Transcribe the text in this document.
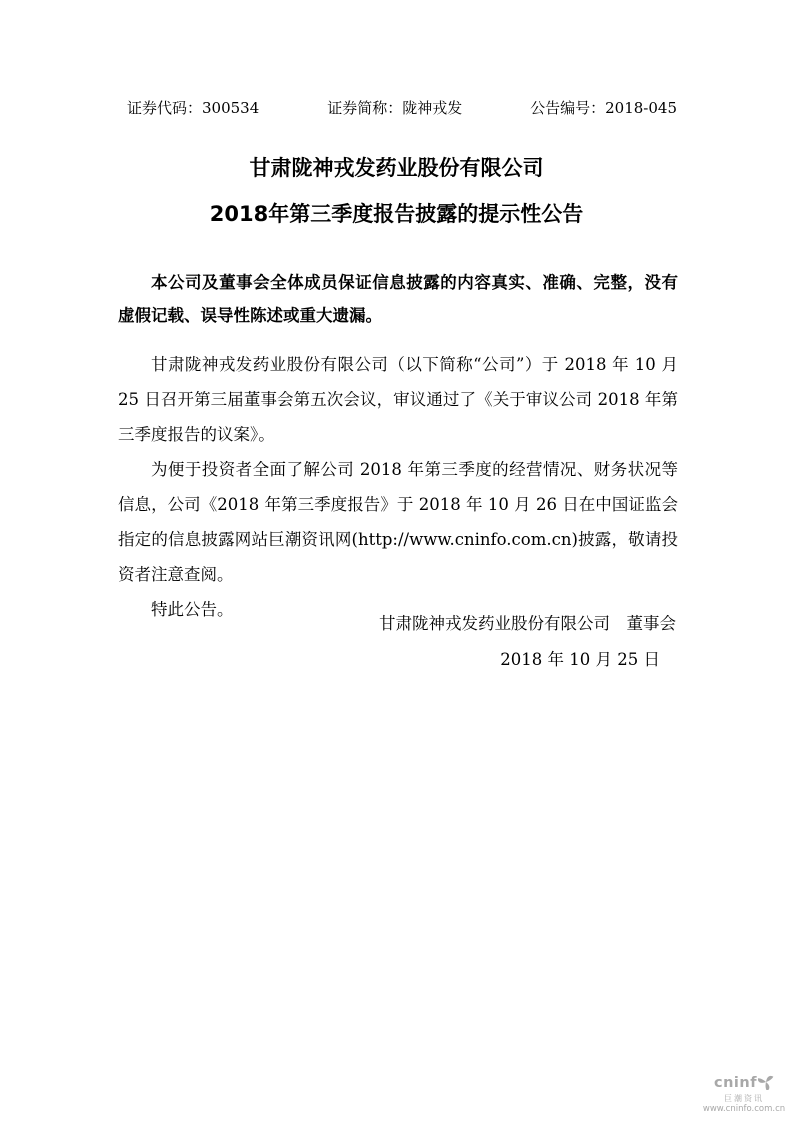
证券代码：300534	证券简称：陇神戎发	公告编号：2018-045
甘肃陇神戎发药业股份有限公司
2018年第三季度报告披露的提示性公告

本公司及董事会全体成员保证信息披露的内容真实、准确、完整，没有虚假记载、误导性陈述或重大遗漏。

甘肃陇神戎发药业股份有限公司（以下简称“公司”）于 2018 年 10 月 25 日召开第三届董事会第五次会议，审议通过了《关于审议公司 2018 年第三季度报告的议案》。

为便于投资者全面了解公司 2018 年第三季度的经营情况、财务状况等信息，公司《2018 年第三季度报告》于 2018 年 10 月 26 日在中国证监会指定的信息披露网站巨潮资讯网(http://www.cninfo.com.cn)披露，敬请投资者注意查阅。

特此公告。

甘肃陇神戎发药业股份有限公司　董事会
2018 年 10 月 25 日
cninf
巨潮资讯
www.cninfo.com.cn
